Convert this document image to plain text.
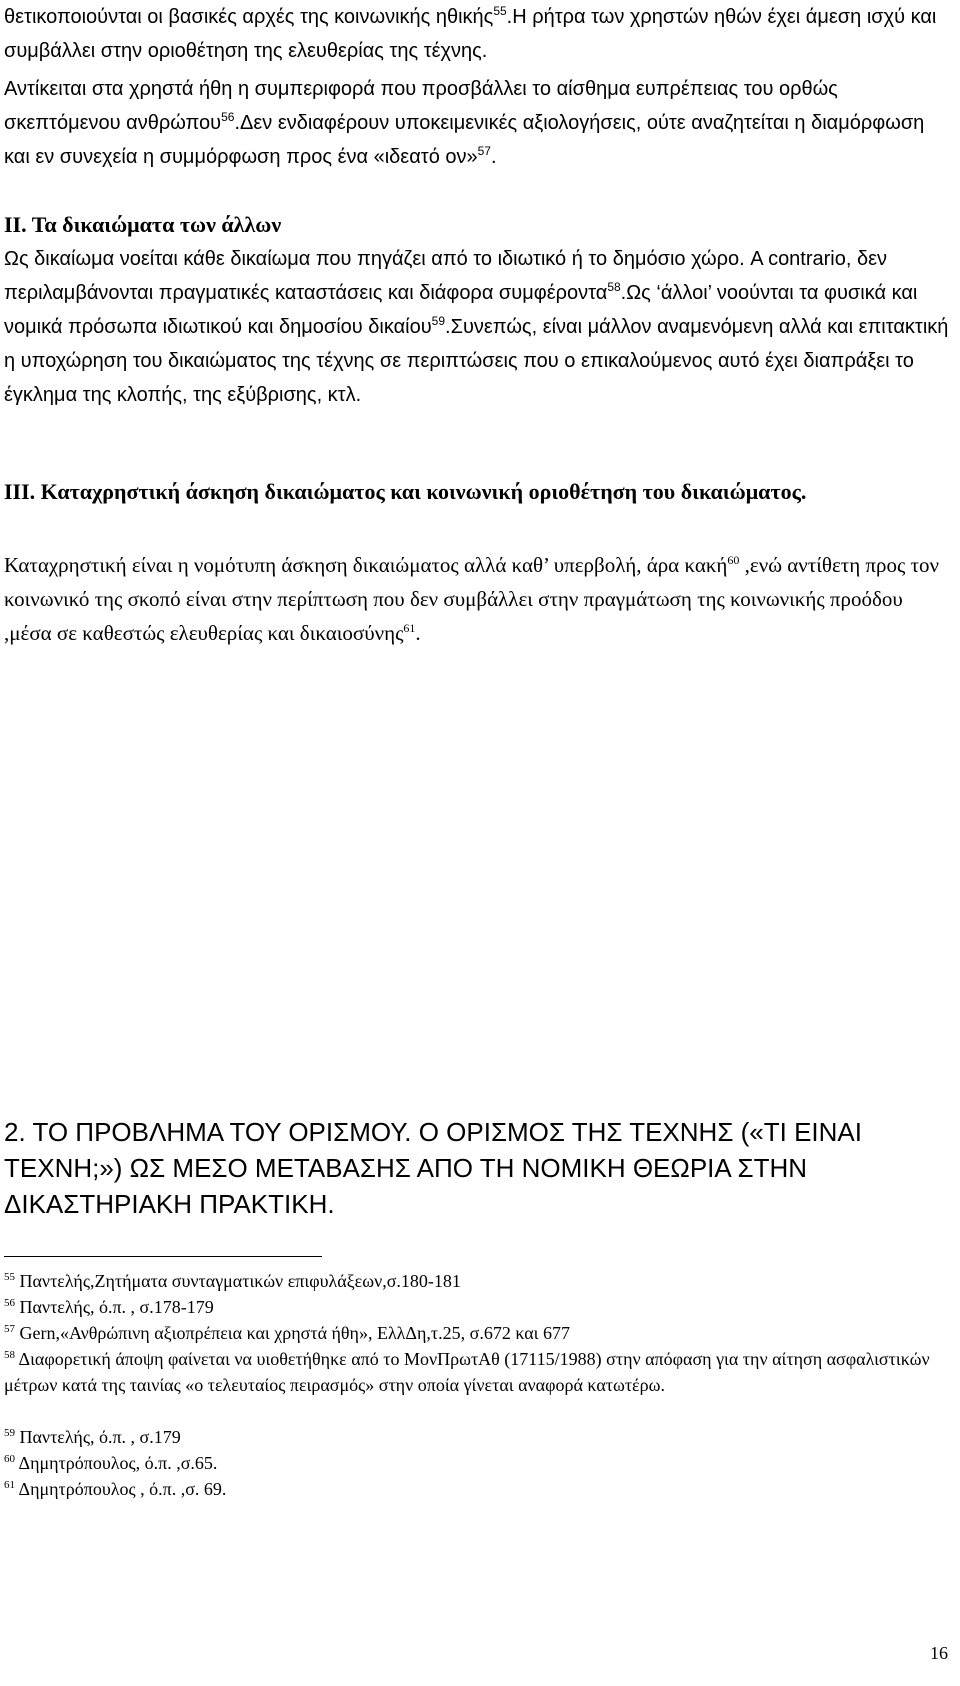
θετικοποιούνται οι βασικές αρχές της κοινωνικής ηθικής$^{55}$.Η ρήτρα των χρηστών ηθών έχει άμεση ισχύ και συμβάλλει στην οριοθέτηση της ελευθερίας της τέχνης.

Αντίκειται στα χρηστά ήθη η συμπεριφορά που προσβάλλει το αίσθημα ευπρέπειας του ορθώς σκεπτόμενου ανθρώπου$^{56}$.Δεν ενδιαφέρουν υποκειμενικές αξιολογήσεις, ούτε αναζητείται η διαμόρφωση και εν συνεχεία η συμμόρφωση προς ένα «ιδεατό ον»$^{57}$.

ΙΙ. Τα δικαιώματα των άλλων

Ως δικαίωμα νοείται κάθε δικαίωμα που πηγάζει από το ιδιωτικό ή το δημόσιο χώρο. A contrario, δεν περιλαμβάνονται πραγματικές καταστάσεις και διάφορα συμφέροντα$^{58}$.Ως ‘άλλοι’ νοούνται τα φυσικά και νομικά πρόσωπα ιδιωτικού και δημοσίου δικαίου$^{59}$.Συνεπώς, είναι μάλλον αναμενόμενη αλλά και επιτακτική η υποχώρηση του δικαιώματος της τέχνης σε περιπτώσεις που ο επικαλούμενος αυτό έχει διαπράξει το έγκλημα της κλοπής, της εξύβρισης, κτλ.

ΙΙΙ. Καταχρηστική άσκηση δικαιώματος και κοινωνική οριοθέτηση του δικαιώματος.

Καταχρηστική είναι η νομότυπη άσκηση δικαιώματος αλλά καθ’ υπερβολή, άρα κακή$^{60}$ ,ενώ αντίθετη προς τον κοινωνικό της σκοπό είναι στην περίπτωση που δεν συμβάλλει στην πραγμάτωση της κοινωνικής προόδου ,μέσα σε καθεστώς ελευθερίας και δικαιοσύνης$^{61}$.

2. ΤΟ ΠΡΟΒΛΗΜΑ ΤΟΥ ΟΡΙΣΜΟΥ. Ο ΟΡΙΣΜΟΣ ΤΗΣ ΤΕΧΝΗΣ («ΤΙ ΕΙΝΑΙ ΤΕΧΝΗ;») ΩΣ ΜΕΣΟ ΜΕΤΑΒΑΣΗΣ ΑΠΟ ΤΗ ΝΟΜΙΚΗ ΘΕΩΡΙΑ ΣΤΗΝ ΔΙΚΑΣΤΗΡΙΑΚΗ ΠΡΑΚΤΙΚΗ.

$^{55}$ Παντελής,Ζητήματα συνταγματικών επιφυλάξεων,σ.180-181

$^{56}$ Παντελής, ό.π. , σ.178-179

$^{57}$ Gern,«Ανθρώπινη αξιοπρέπεια και χρηστά ήθη», ΕλλΔη,τ.25, σ.672 και 677

$^{58}$ Διαφορετική άποψη φαίνεται να υιοθετήθηκε από το ΜονΠρωτΑθ (17115/1988) στην απόφαση για την αίτηση ασφαλιστικών μέτρων κατά της ταινίας «ο τελευταίος πειρασμός» στην οποία γίνεται αναφορά κατωτέρω.

$^{59}$ Παντελής, ό.π. , σ.179

$^{60}$ Δημητρόπουλος, ό.π. ,σ.65.

$^{61}$ Δημητρόπουλος , ό.π. ,σ. 69.

16
